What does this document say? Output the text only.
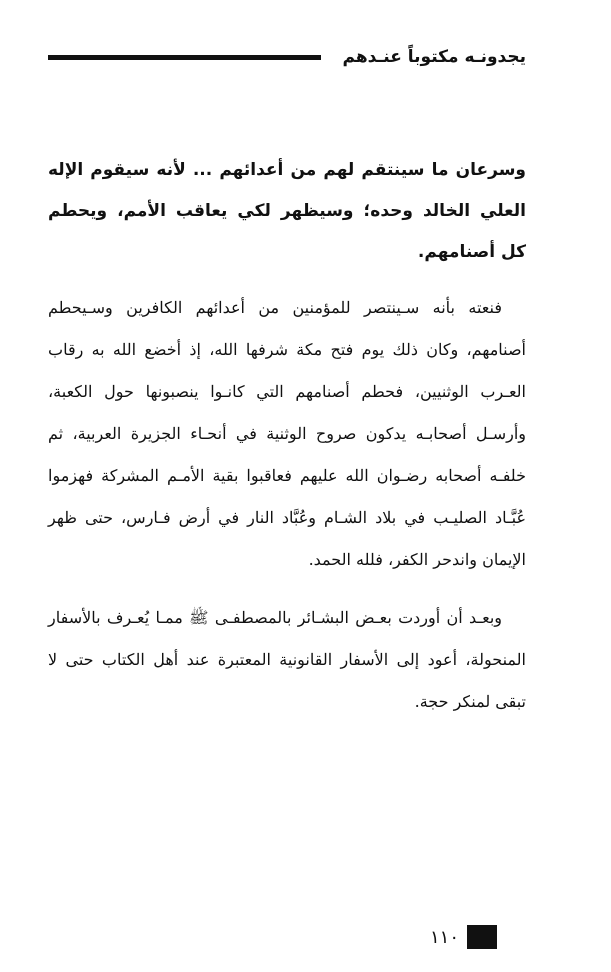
يجدونـه مكتوباً عنـدهم

وسرعان ما سينتقم لهم من أعدائهم ... لأنه سيقوم الإله العلي الخالد وحده؛ وسيظهر لكي يعاقب الأمم، ويحطم كل أصنامهم.

فنعته بأنه سـينتصر للمؤمنين من أعدائهم الكافرين وسـيحطم أصنامهم، وكان ذلك يوم فتح مكة شرفها الله، إذ أخضع الله به رقاب العـرب الوثنيين، فحطم أصنامهم التي كانـوا ينصبونها حول الكعبة، وأرسـل أصحابـه يدكون صروح الوثنية في أنحـاء الجزيرة العربية، ثم خلفـه أصحابه رضـوان الله عليهم فعاقبوا بقية الأمـم المشركة فهزموا عُبَّـاد الصليـب في بلاد الشـام وعُبَّاد النار في أرض فـارس، حتى ظهر الإيمان واندحر الكفر، فلله الحمد.

وبعـد أن أوردت بعـض البشـائر بالمصطفـى ﷺ ممـا يُعـرف بالأسفار المنحولة، أعود إلى الأسفار القانونية المعتبرة عند أهل الكتاب حتى لا تبقى لمنكر حجة.

١١٠
